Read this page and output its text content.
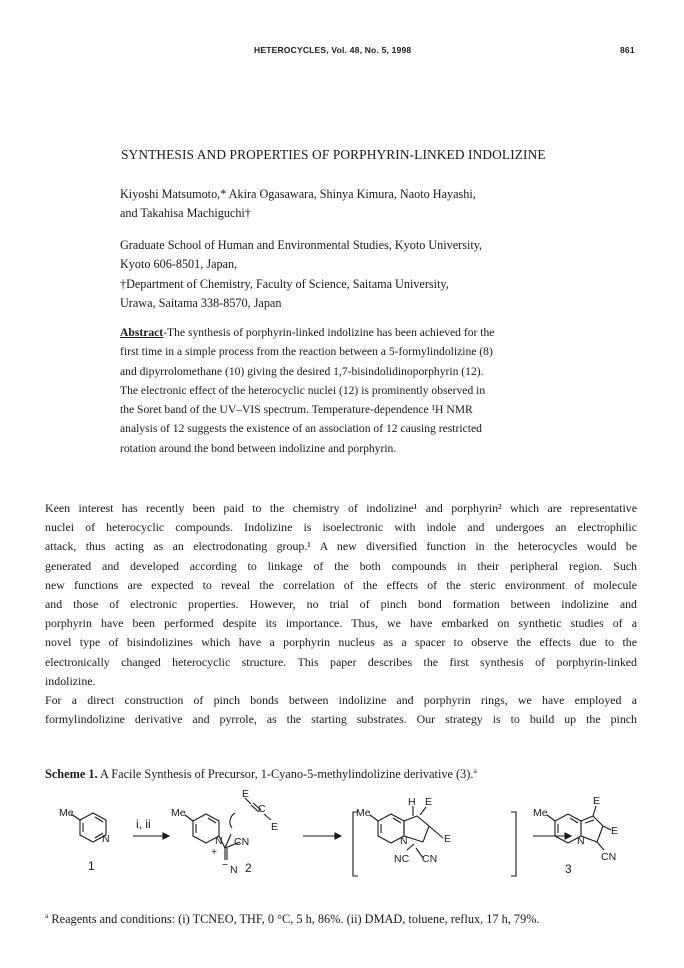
HETEROCYCLES, Vol. 48, No. 5, 1998	861
SYNTHESIS AND PROPERTIES OF PORPHYRIN-LINKED INDOLIZINE
Kiyoshi Matsumoto,* Akira Ogasawara, Shinya Kimura, Naoto Hayashi,
and Takahisa Machiguchi†
Graduate School of Human and Environmental Studies, Kyoto University,
Kyoto 606-8501, Japan,
†Department of Chemistry, Faculty of Science, Saitama University,
Urawa, Saitama 338-8570, Japan
Abstract-The synthesis of porphyrin-linked indolizine has been achieved for the
first time in a simple process from the reaction between a 5-formylindolizine (8)
and dipyrrolomethane (10) giving the desired 1,7-bisindolidinoporphyrin (12).
The electronic effect of the heterocyclic nuclei (12) is prominently observed in
the Soret band of the UV–VIS spectrum. Temperature-dependence ¹H NMR
analysis of 12 suggests the existence of an association of 12 causing restricted
rotation around the bond between indolizine and porphyrin.
Keen interest has recently been paid to the chemistry of indolizine¹ and porphyrin² which are representative
nuclei of heterocyclic compounds. Indolizine is isoelectronic with indole and undergoes an electrophilic
attack, thus acting as an electrodonating group.¹ A new diversified function in the heterocycles would be
generated and developed according to linkage of the both compounds in their peripheral region. Such
new functions are expected to reveal the correlation of the effects of the steric environment of molecule
and those of electronic properties. However, no trial of pinch bond formation between indolizine and
porphyrin have been performed despite its importance. Thus, we have embarked on synthetic studies of a
novel type of bisindolizines which have a porphyrin nucleus as a spacer to observe the effects due to the
electronically changed heterocyclic structure. This paper describes the first synthesis of porphyrin-linked
indolizine.
For a direct construction of pinch bonds between indolizine and porphyrin rings, we have employed a
formylindolizine derivative and pyrrole, as the starting substrates. Our strategy is to build up the pinch
Scheme 1. A Facile Synthesis of Precursor, 1-Cyano-5-methylindolizine derivative (3).$^a$
Me
N
1
i, ii
Me
N
+
−
CN
N 2
E
C
E
Me
H E
N	E
NC CN
Me
N
E
E
CN
3
$^a$ Reagents and conditions: (i) TCNEO, THF, 0 °C, 5 h, 86%. (ii) DMAD, toluene, reflux, 17 h, 79%.
